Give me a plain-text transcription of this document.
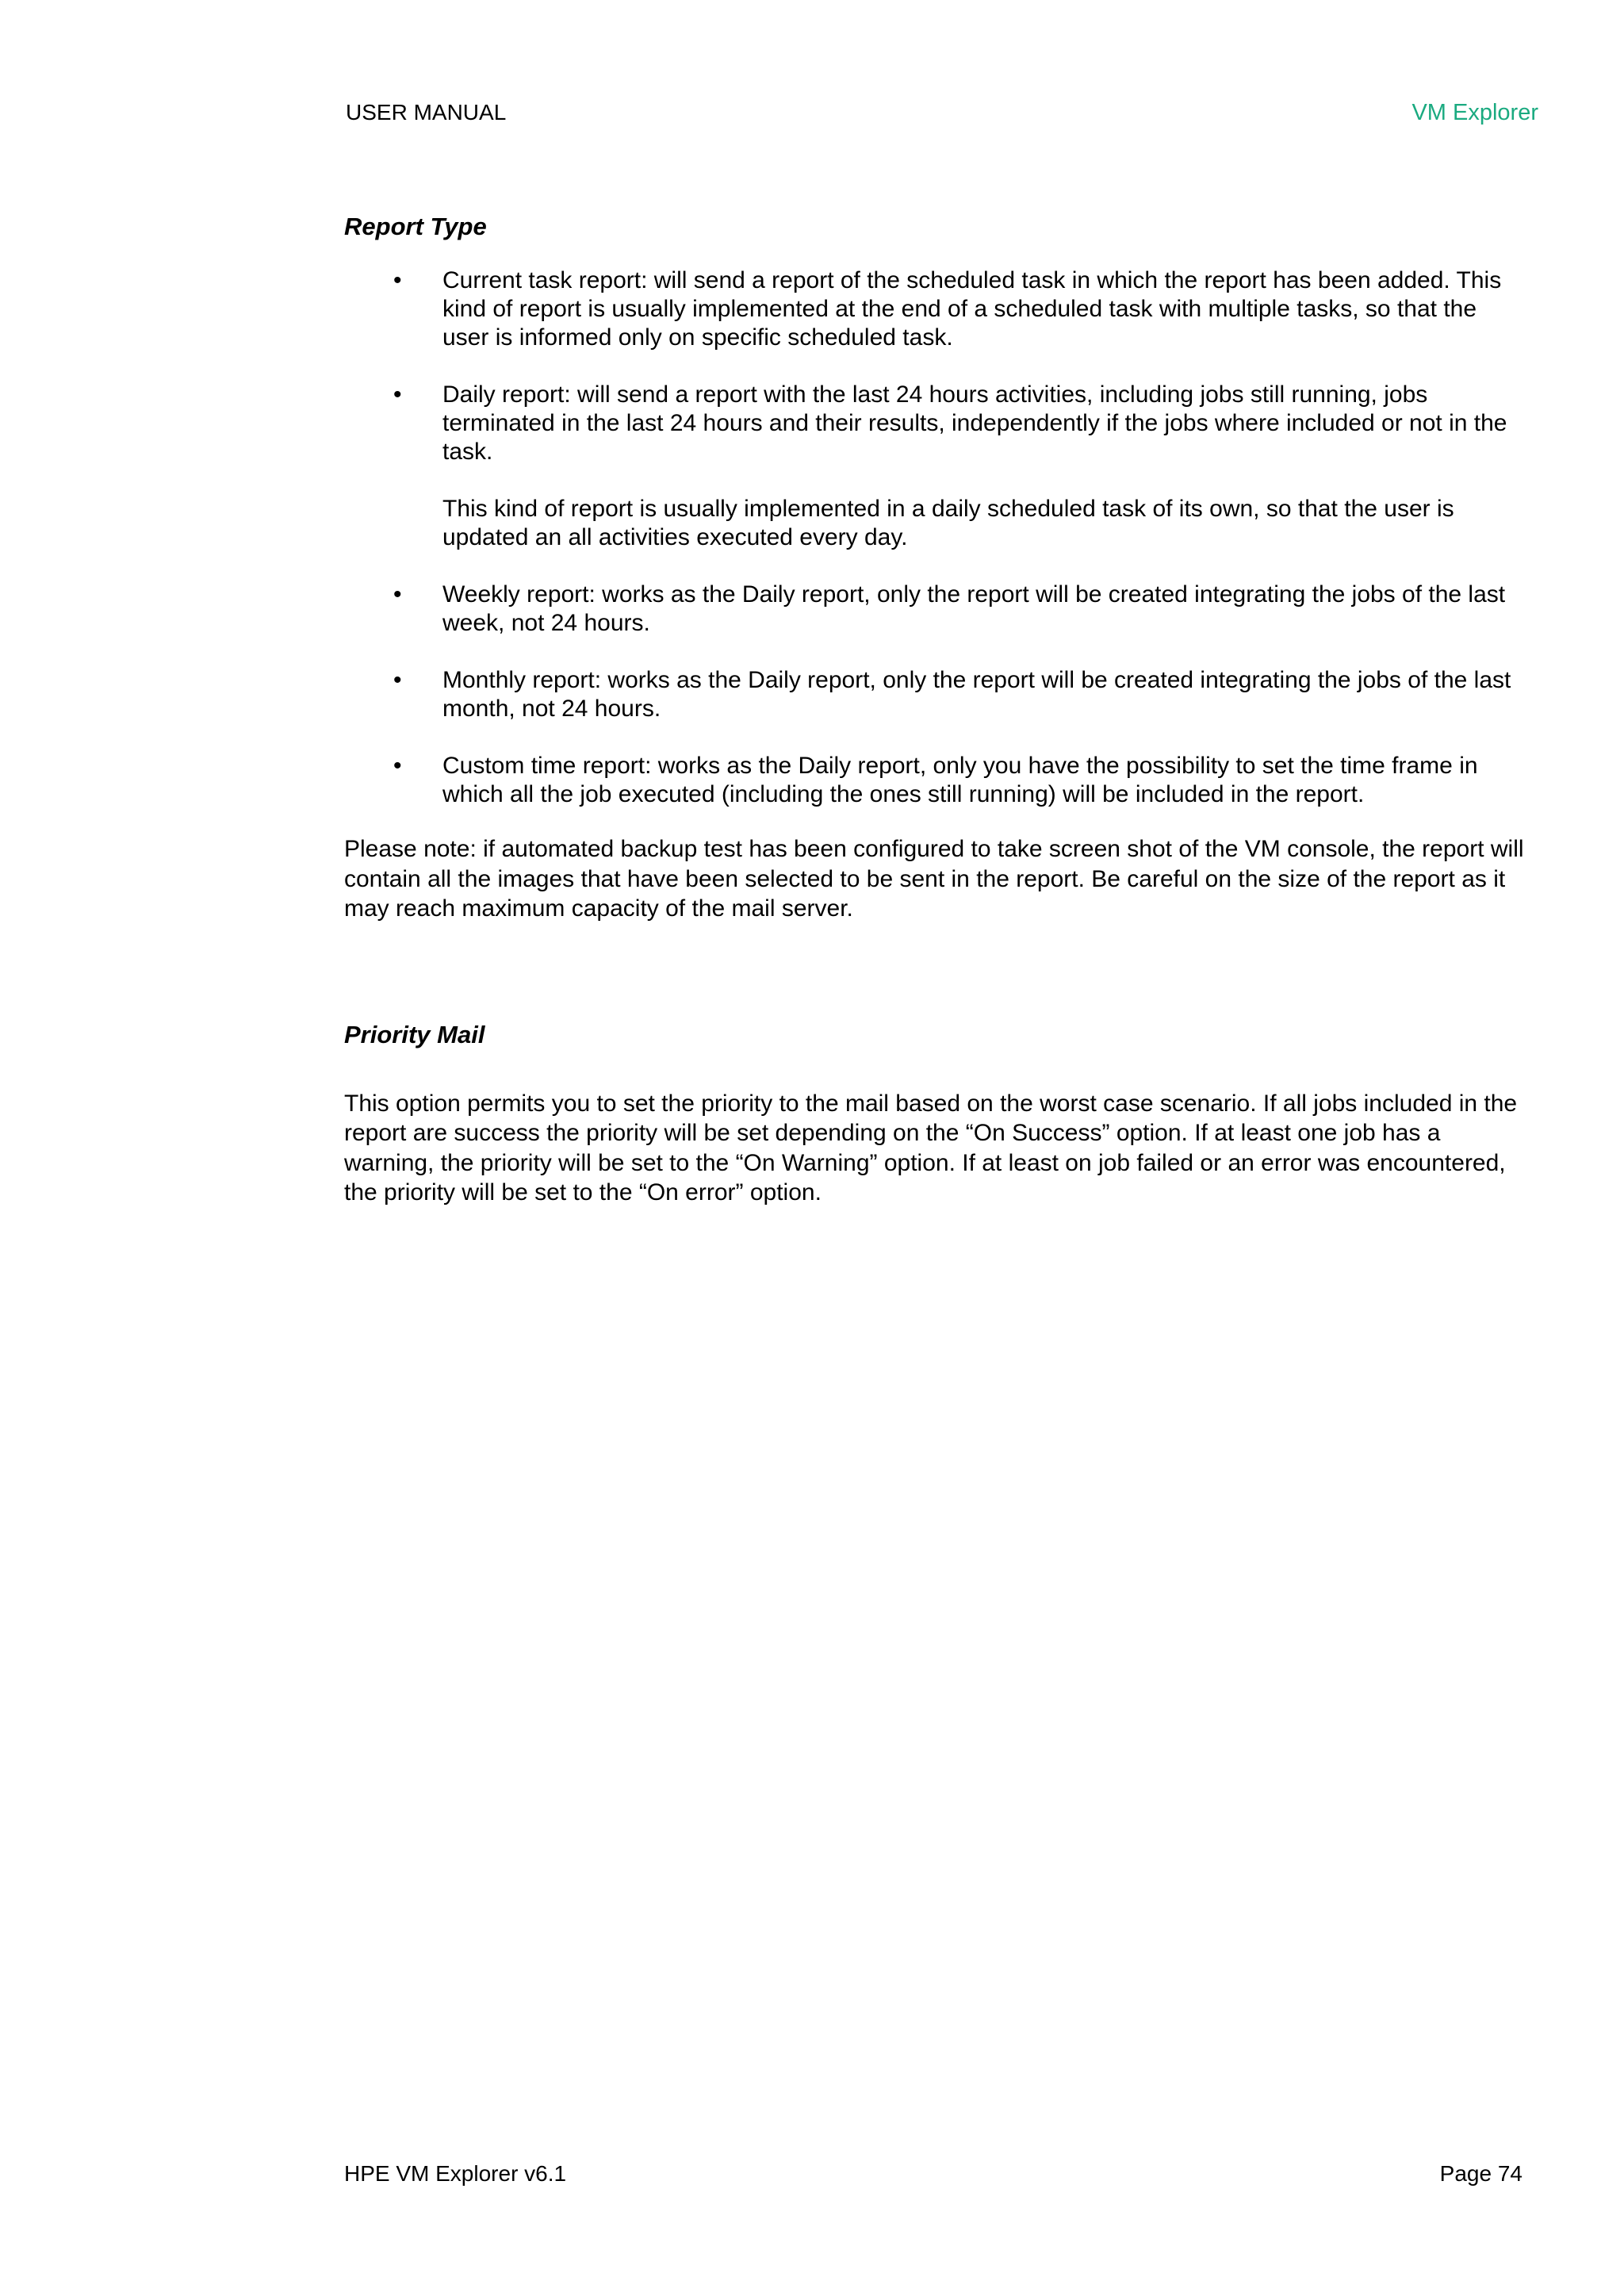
USER MANUAL	VM Explorer
Report Type
• Current task report: will send a report of the scheduled task in which the report has been added. This kind of report is usually implemented at the end of a scheduled task with multiple tasks, so that the user is informed only on specific scheduled task.

• Daily report: will send a report with the last 24 hours activities, including jobs still running, jobs terminated in the last 24 hours and their results, independently if the jobs where included or not in the task.

This kind of report is usually implemented in a daily scheduled task of its own, so that the user is updated an all activities executed every day.

• Weekly report: works as the Daily report, only the report will be created integrating the jobs of the last week, not 24 hours.

• Monthly report: works as the Daily report, only the report will be created integrating the jobs of the last month, not 24 hours.

• Custom time report: works as the Daily report, only you have the possibility to set the time frame in which all the job executed (including the ones still running) will be included in the report.

Please note: if automated backup test has been configured to take screen shot of the VM console, the report will contain all the images that have been selected to be sent in the report. Be careful on the size of the report as it may reach maximum capacity of the mail server.

Priority Mail

This option permits you to set the priority to the mail based on the worst case scenario. If all jobs included in the report are success the priority will be set depending on the “On Success” option. If at least one job has a warning, the priority will be set to the “On Warning” option. If at least on job failed or an error was encountered, the priority will be set to the “On error” option.

HPE VM Explorer v6.1	Page 74
